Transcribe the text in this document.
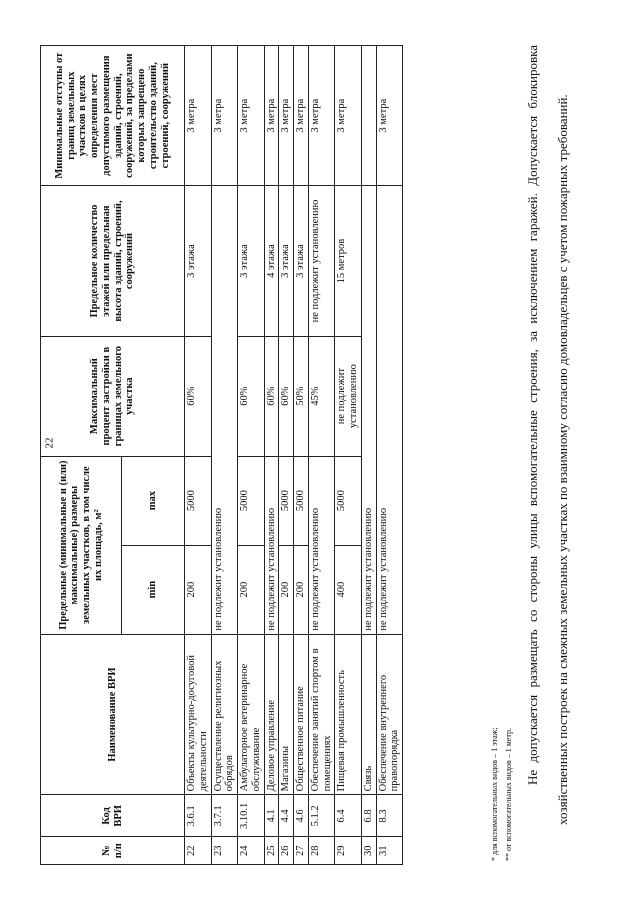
22
№ п/п	Код ВРИ	Наименование ВРИ	Предельные (минимальные и (или) максимальные) размеры земельных участков, в том числе их площадь, м²		Максимальный процент застройки в границах земельного участка	Предельное количество этажей или предельная высота зданий, строений, сооружений	Минимальные отступы от границ земельных участков в целях определения мест допустимого размещения зданий, строений, сооружений, за пределами которых запрещено строительство зданий, строений, сооружений
			min	max			
22	3.6.1	Объекты культурно-досуговой деятельности	200	5000	60%	3 этажа	3 метра
23	3.7.1	Осуществление религиозных обрядов	не подлежит установлению				3 метра
24	3.10.1	Амбулаторное ветеринарное обслуживание	200	5000	60%	3 этажа	3 метра
25	4.1	Деловое управление	не подлежит установлению		60%	4 этажа	3 метра
26	4.4	Магазины	200	5000	60%	3 этажа	3 метра
27	4.6	Общественное питание	200	5000	50%	3 этажа	3 метра
28	5.1.2	Обеспечение занятий спортом в помещениях	не подлежит установлению		45%	не подлежит установлению	3 метра
29	6.4	Пищевая промышленность	400	5000	не подлежит установлению	15 метров	3 метра
30	6.8	Связь	не подлежит установлению				
31	8.3	Обеспечение внутреннего правопорядка	не подлежит установлению				3 метра
* для вспомогательных видов – 1 этаж; ** от вспомогательных видов – 1 метр.
Не допускается размещать со стороны улицы вспомогательные строения, за исключением гаражей. Допускается блокировка хозяйственных построек на смежных земельных участках по взаимному согласию домовладельцев с учетом пожарных требований.
